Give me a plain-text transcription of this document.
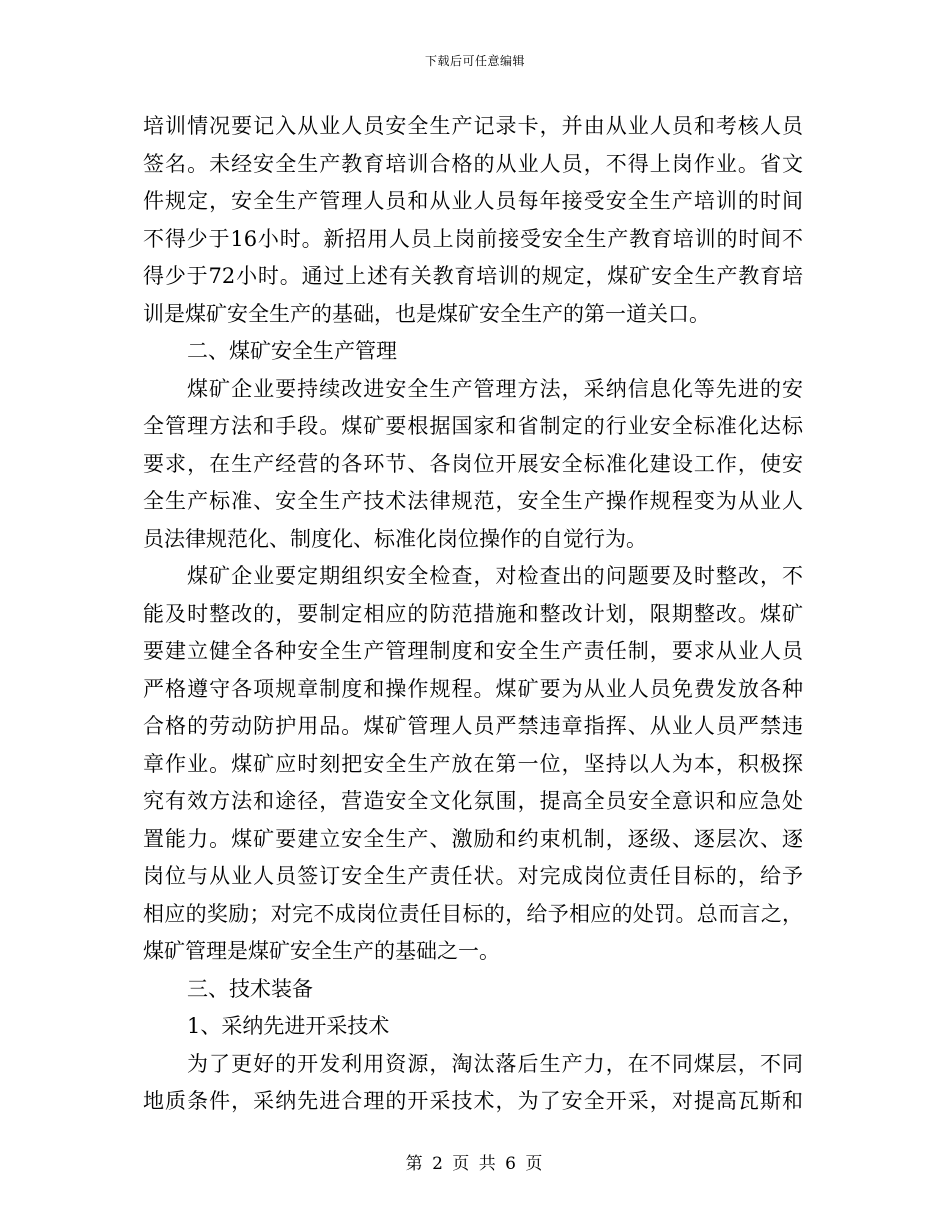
下载后可任意编辑
培训情况要记入从业人员安全生产记录卡，并由从业人员和考核人员
签名。未经安全生产教育培训合格的从业人员，不得上岗作业。省文
件规定，安全生产管理人员和从业人员每年接受安全生产培训的时间
不得少于16小时。新招用人员上岗前接受安全生产教育培训的时间不
得少于72小时。通过上述有关教育培训的规定，煤矿安全生产教育培
训是煤矿安全生产的基础，也是煤矿安全生产的第一道关口。
二、煤矿安全生产管理
煤矿企业要持续改进安全生产管理方法，采纳信息化等先进的安
全管理方法和手段。煤矿要根据国家和省制定的行业安全标准化达标
要求，在生产经营的各环节、各岗位开展安全标准化建设工作，使安
全生产标准、安全生产技术法律规范，安全生产操作规程变为从业人
员法律规范化、制度化、标准化岗位操作的自觉行为。
煤矿企业要定期组织安全检查，对检查出的问题要及时整改，不
能及时整改的，要制定相应的防范措施和整改计划，限期整改。煤矿
要建立健全各种安全生产管理制度和安全生产责任制，要求从业人员
严格遵守各项规章制度和操作规程。煤矿要为从业人员免费发放各种
合格的劳动防护用品。煤矿管理人员严禁违章指挥、从业人员严禁违
章作业。煤矿应时刻把安全生产放在第一位，坚持以人为本，积极探
究有效方法和途径，营造安全文化氛围，提高全员安全意识和应急处
置能力。煤矿要建立安全生产、激励和约束机制，逐级、逐层次、逐
岗位与从业人员签订安全生产责任状。对完成岗位责任目标的，给予
相应的奖励；对完不成岗位责任目标的，给予相应的处罚。总而言之，
煤矿管理是煤矿安全生产的基础之一。
三、技术装备
1、采纳先进开采技术
为了更好的开发利用资源，淘汰落后生产力，在不同煤层，不同
地质条件，采纳先进合理的开采技术，为了安全开采，对提高瓦斯和
第 2 页 共 6 页
